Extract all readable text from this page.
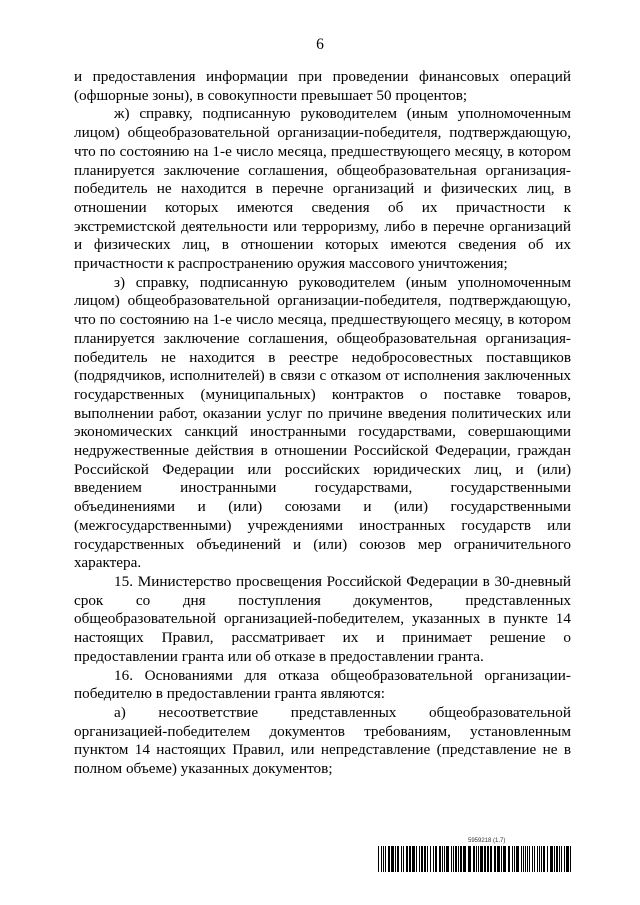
6

и предоставления информации при проведении финансовых операций (офшорные зоны), в совокупности превышает 50 процентов;

ж) справку, подписанную руководителем (иным уполномоченным лицом) общеобразовательной организации-победителя, подтверждающую, что по состоянию на 1-е число месяца, предшествующего месяцу, в котором планируется заключение соглашения, общеобразовательная организация-победитель не находится в перечне организаций и физических лиц, в отношении которых имеются сведения об их причастности к экстремистской деятельности или терроризму, либо в перечне организаций и физических лиц, в отношении которых имеются сведения об их причастности к распространению оружия массового уничтожения;

з) справку, подписанную руководителем (иным уполномоченным лицом) общеобразовательной организации-победителя, подтверждающую, что по состоянию на 1-е число месяца, предшествующего месяцу, в котором планируется заключение соглашения, общеобразовательная организация-победитель не находится в реестре недобросовестных поставщиков (подрядчиков, исполнителей) в связи с отказом от исполнения заключенных государственных (муниципальных) контрактов о поставке товаров, выполнении работ, оказании услуг по причине введения политических или экономических санкций иностранными государствами, совершающими недружественные действия в отношении Российской Федерации, граждан Российской Федерации или российских юридических лиц, и (или) введением иностранными государствами, государственными объединениями и (или) союзами и (или) государственными (межгосударственными) учреждениями иностранных государств или государственных объединений и (или) союзов мер ограничительного характера.

15. Министерство просвещения Российской Федерации в 30-дневный срок со дня поступления документов, представленных общеобразовательной организацией-победителем, указанных в пункте 14 настоящих Правил, рассматривает их и принимает решение о предоставлении гранта или об отказе в предоставлении гранта.

16. Основаниями для отказа общеобразовательной организации-победителю в предоставлении гранта являются:

а) несоответствие представленных общеобразовательной организацией-победителем документов требованиям, установленным пунктом 14 настоящих Правил, или непредставление (представление не в полном объеме) указанных документов;

5959218 (1.7)
